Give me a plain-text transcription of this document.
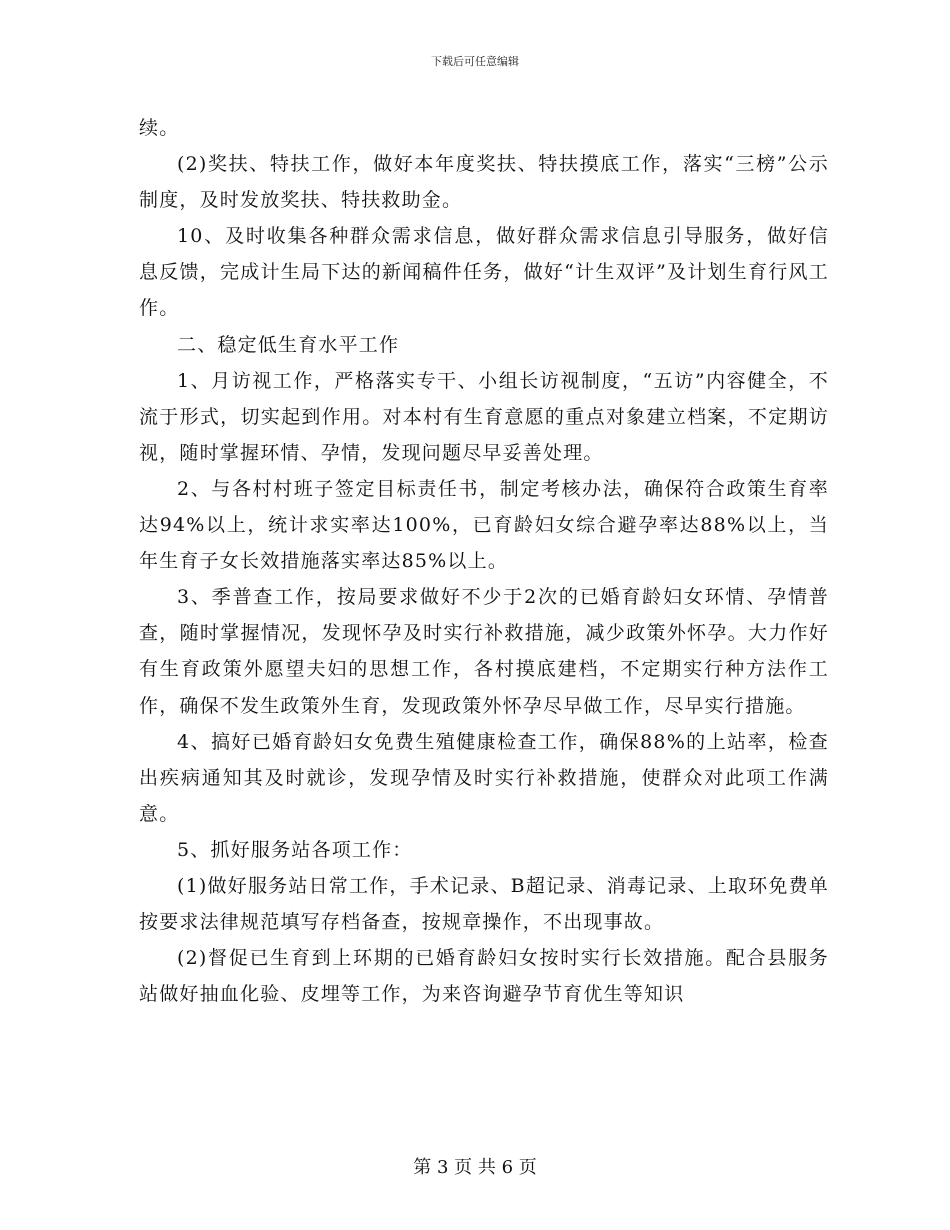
下载后可任意编辑

续。

(2)奖扶、特扶工作，做好本年度奖扶、特扶摸底工作，落实“三榜”公示制度，及时发放奖扶、特扶救助金。

10、及时收集各种群众需求信息，做好群众需求信息引导服务，做好信息反馈，完成计生局下达的新闻稿件任务，做好“计生双评”及计划生育行风工作。

二、稳定低生育水平工作

1、月访视工作，严格落实专干、小组长访视制度，“五访”内容健全，不流于形式，切实起到作用。对本村有生育意愿的重点对象建立档案，不定期访视，随时掌握环情、孕情，发现问题尽早妥善处理。

2、与各村村班子签定目标责任书，制定考核办法，确保符合政策生育率达94%以上，统计求实率达100%，已育龄妇女综合避孕率达88%以上，当年生育子女长效措施落实率达85%以上。

3、季普查工作，按局要求做好不少于2次的已婚育龄妇女环情、孕情普查，随时掌握情况，发现怀孕及时实行补救措施，减少政策外怀孕。大力作好有生育政策外愿望夫妇的思想工作，各村摸底建档，不定期实行种方法作工作，确保不发生政策外生育，发现政策外怀孕尽早做工作，尽早实行措施。

4、搞好已婚育龄妇女免费生殖健康检查工作，确保88%的上站率，检查出疾病通知其及时就诊，发现孕情及时实行补救措施，使群众对此项工作满意。

5、抓好服务站各项工作：

(1)做好服务站日常工作，手术记录、B超记录、消毒记录、上取环免费单按要求法律规范填写存档备查，按规章操作，不出现事故。

(2)督促已生育到上环期的已婚育龄妇女按时实行长效措施。配合县服务站做好抽血化验、皮埋等工作，为来咨询避孕节育优生等知识

第 3 页 共 6 页
